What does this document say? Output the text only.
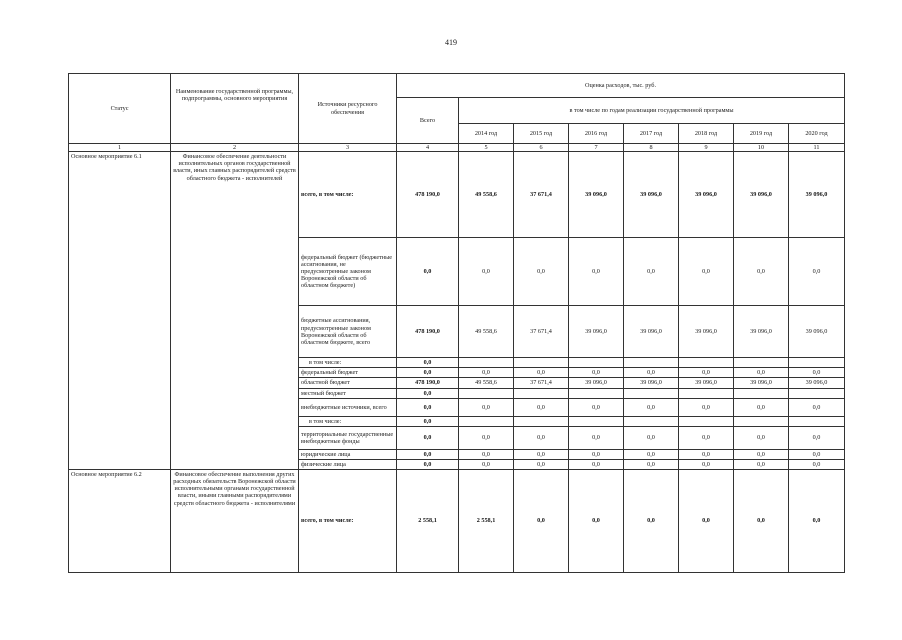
419
Статус	Наименование государственной программы, подпрограммы, основного мероприятия	Источники ресурсного обеспечения	Оценка расходов, тыс. руб.							
			Всего	в том числе по годам реализации государственной программы						
				2014 год	2015 год	2016 год	2017 год	2018 год	2019 год	2020 год
1	2	3	4	5	6	7	8	9	10	11
Основное мероприятие 6.1	Финансовое обеспечение деятельности исполнительных органов государственной власти, иных главных распорядителей средств областного бюджета - исполнителей	всего, в том числе:	478 190,0	49 558,6	37 671,4	39 096,0	39 096,0	39 096,0	39 096,0	39 096,0
		федеральный бюджет (бюджетные ассигнования, не предусмотренные законом Воронежской области об областном бюджете)	0,0	0,0	0,0	0,0	0,0	0,0	0,0	0,0
		бюджетные ассигнования, предусмотренные законом Воронежской области об областном бюджете, всего	478 190,0	49 558,6	37 671,4	39 096,0	39 096,0	39 096,0	39 096,0	39 096,0
		в том числе:	0,0							
		федеральный бюджет	0,0	0,0	0,0	0,0	0,0	0,0	0,0	0,0
		областной бюджет	478 190,0	49 558,6	37 671,4	39 096,0	39 096,0	39 096,0	39 096,0	39 096,0
		местный бюджет	0,0							
		внебюджетные источники, всего	0,0	0,0	0,0	0,0	0,0	0,0	0,0	0,0
		в том числе:	0,0							
		территориальные государственные внебюджетные фонды	0,0	0,0	0,0	0,0	0,0	0,0	0,0	0,0
		юридические лица	0,0	0,0	0,0	0,0	0,0	0,0	0,0	0,0
		физические лица	0,0	0,0	0,0	0,0	0,0	0,0	0,0	0,0
Основное мероприятие 6.2	Финансовое обеспечение выполнения других расходных обязательств Воронежской области исполнительными органами государственной власти, иными главными распорядителями средств областного бюджета - исполнителями	всего, в том числе:	2 558,1	2 558,1	0,0	0,0	0,0	0,0	0,0	0,0
